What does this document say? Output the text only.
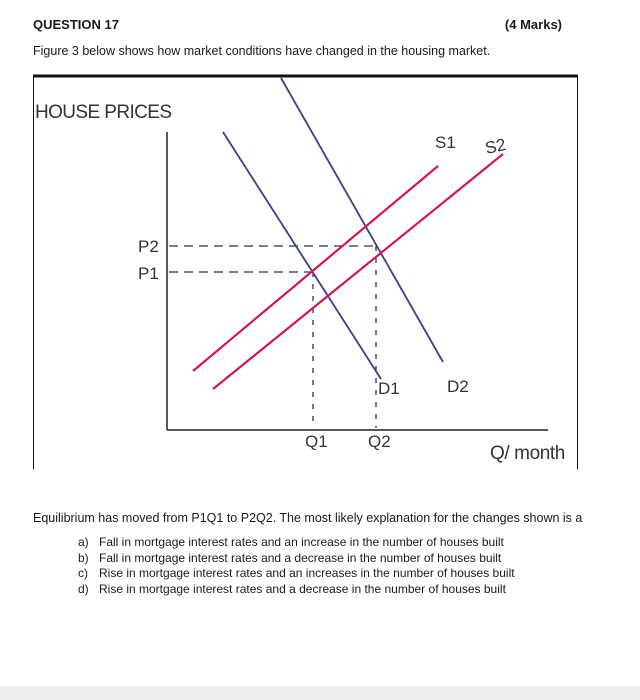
QUESTION 17	(4 Marks)
Figure 3 below shows how market conditions have changed in the housing market.
HOUSE PRICES
Q/ month
P2
P1
Q1 Q2
S1 S2
D1	D2
Equilibrium has moved from P1Q1 to P2Q2. The most likely explanation for the changes shown is a
a) Fall in mortgage interest rates and an increase in the number of houses built
b) Fall in mortgage interest rates and a decrease in the number of houses built
c) Rise in mortgage interest rates and an increases in the number of houses built
d) Rise in mortgage interest rates and a decrease in the number of houses built
